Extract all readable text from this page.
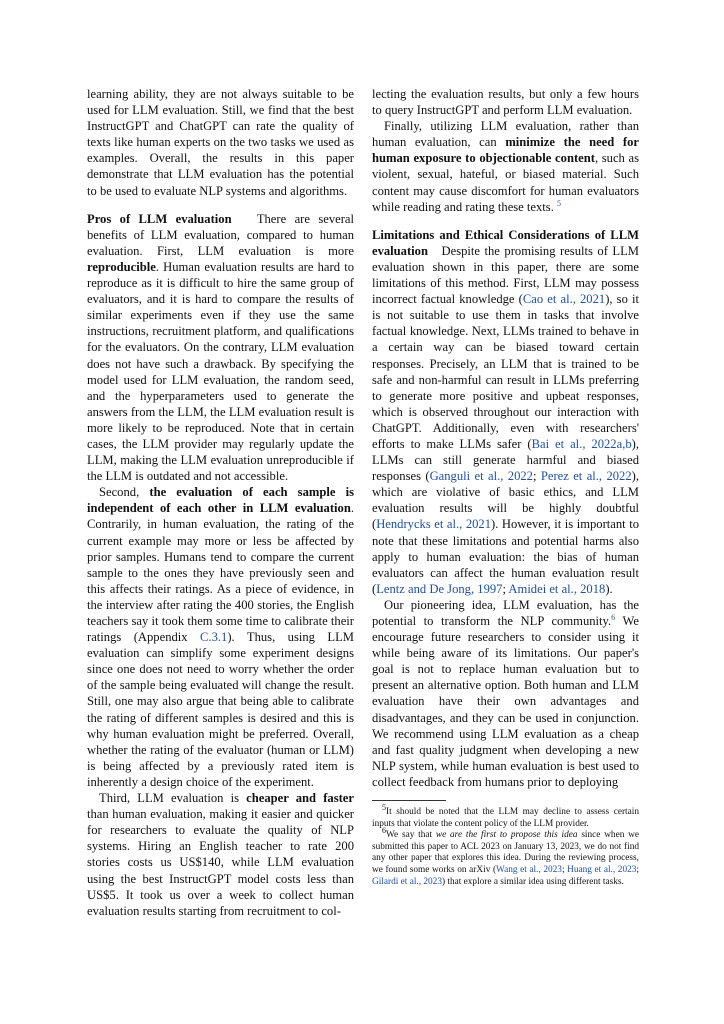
learning ability, they are not always suitable to be used for LLM evaluation. Still, we find that the best InstructGPT and ChatGPT can rate the quality of texts like human experts on the two tasks we used as examples. Overall, the results in this paper demonstrate that LLM evaluation has the potential to be used to evaluate NLP systems and algorithms.

Pros of LLM evaluation There are several benefits of LLM evaluation, compared to human evaluation. First, LLM evaluation is more reproducible. Human evaluation results are hard to reproduce as it is difficult to hire the same group of evaluators, and it is hard to compare the results of similar experiments even if they use the same instructions, recruitment platform, and qualifications for the evaluators. On the contrary, LLM evaluation does not have such a drawback. By specifying the model used for LLM evaluation, the random seed, and the hyperparameters used to generate the answers from the LLM, the LLM evaluation result is more likely to be reproduced. Note that in certain cases, the LLM provider may regularly update the LLM, making the LLM evaluation unreproducible if the LLM is outdated and not accessible.

Second, the evaluation of each sample is independent of each other in LLM evaluation. Contrarily, in human evaluation, the rating of the current example may more or less be affected by prior samples. Humans tend to compare the current sample to the ones they have previously seen and this affects their ratings. As a piece of evidence, in the interview after rating the 400 stories, the English teachers say it took them some time to calibrate their ratings (Appendix C.3.1). Thus, using LLM evaluation can simplify some experiment designs since one does not need to worry whether the order of the sample being evaluated will change the result. Still, one may also argue that being able to calibrate the rating of different samples is desired and this is why human evaluation might be preferred. Overall, whether the rating of the evaluator (human or LLM) is being affected by a previously rated item is inherently a design choice of the experiment.

Third, LLM evaluation is cheaper and faster than human evaluation, making it easier and quicker for researchers to evaluate the quality of NLP systems. Hiring an English teacher to rate 200 stories costs us US$140, while LLM evaluation using the best InstructGPT model costs less than US$5. It took us over a week to collect human evaluation results starting from recruitment to col-

lecting the evaluation results, but only a few hours to query InstructGPT and perform LLM evaluation.

Finally, utilizing LLM evaluation, rather than human evaluation, can minimize the need for human exposure to objectionable content, such as violent, sexual, hateful, or biased material. Such content may cause discomfort for human evaluators while reading and rating these texts. $^5$

Limitations and Ethical Considerations of LLM evaluation Despite the promising results of LLM evaluation shown in this paper, there are some limitations of this method. First, LLM may possess incorrect factual knowledge (Cao et al., 2021), so it is not suitable to use them in tasks that involve factual knowledge. Next, LLMs trained to behave in a certain way can be biased toward certain responses. Precisely, an LLM that is trained to be safe and non-harmful can result in LLMs preferring to generate more positive and upbeat responses, which is observed throughout our interaction with ChatGPT. Additionally, even with researchers' efforts to make LLMs safer (Bai et al., 2022a,b), LLMs can still generate harmful and biased responses (Ganguli et al., 2022; Perez et al., 2022), which are violative of basic ethics, and LLM evaluation results will be highly doubtful (Hendrycks et al., 2021). However, it is important to note that these limitations and potential harms also apply to human evaluation: the bias of human evaluators can affect the human evaluation result (Lentz and De Jong, 1997; Amidei et al., 2018).

Our pioneering idea, LLM evaluation, has the potential to transform the NLP community.$^6$ We encourage future researchers to consider using it while being aware of its limitations. Our paper's goal is not to replace human evaluation but to present an alternative option. Both human and LLM evaluation have their own advantages and disadvantages, and they can be used in conjunction. We recommend using LLM evaluation as a cheap and fast quality judgment when developing a new NLP system, while human evaluation is best used to collect feedback from humans prior to deploying

$^5$It should be noted that the LLM may decline to assess certain inputs that violate the content policy of the LLM provider.

$^6$We say that we are the first to propose this idea since when we submitted this paper to ACL 2023 on January 13, 2023, we do not find any other paper that explores this idea. During the reviewing process, we found some works on arXiv (Wang et al., 2023; Huang et al., 2023; Gilardi et al., 2023) that explore a similar idea using different tasks.
